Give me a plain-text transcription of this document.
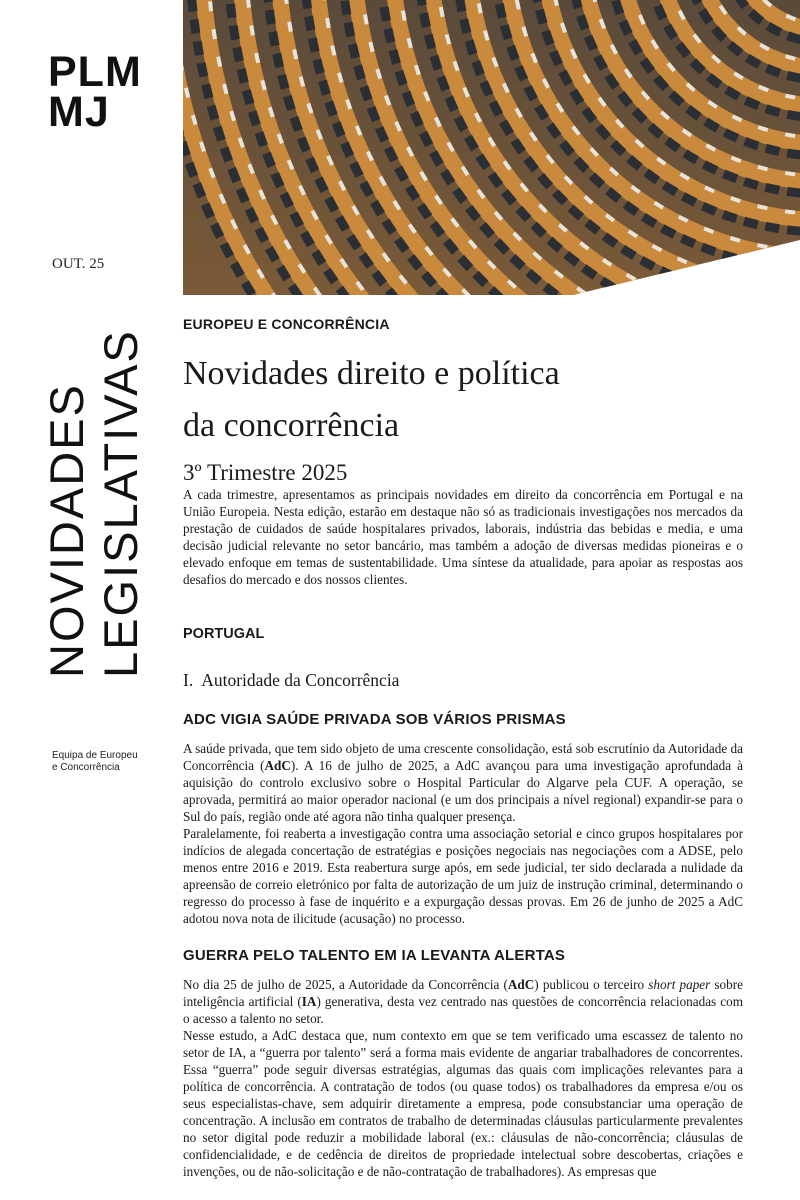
PLM
MJ
OUT. 25
NOVIDADES LEGISLATIVAS
Equipa de Europeu
e Concorrência
EUROPEU E CONCORRÊNCIA
Novidades direito e política
da concorrência
3º Trimestre 2025

A cada trimestre, apresentamos as principais novidades em direito da concorrência em Portugal e na União Europeia. Nesta edição, estarão em destaque não só as tradicionais investigações nos mercados da prestação de cuidados de saúde hospitalares privados, laborais, indústria das bebidas e media, e uma decisão judicial relevante no setor bancário, mas também a adoção de diversas medidas pioneiras e o elevado enfoque em temas de sustentabilidade. Uma síntese da atualidade, para apoiar as respostas aos desafios do mercado e dos nossos clientes.

PORTUGAL
I. Autoridade da Concorrência
ADC VIGIA SAÚDE PRIVADA SOB VÁRIOS PRISMAS

A saúde privada, que tem sido objeto de uma crescente consolidação, está sob escrutínio da Autoridade da Concorrência (AdC). A 16 de julho de 2025, a AdC avançou para uma investigação aprofundada à aquisição do controlo exclusivo sobre o Hospital Particular do Algarve pela CUF. A operação, se aprovada, permitirá ao maior operador nacional (e um dos principais a nível regional) expandir-se para o Sul do país, região onde até agora não tinha qualquer presença.

Paralelamente, foi reaberta a investigação contra uma associação setorial e cinco grupos hospitalares por indícios de alegada concertação de estratégias e posições negociais nas negociações com a ADSE, pelo menos entre 2016 e 2019. Esta reabertura surge após, em sede judicial, ter sido declarada a nulidade da apreensão de correio eletrónico por falta de autorização de um juiz de instrução criminal, determinando o regresso do processo à fase de inquérito e a expurgação dessas provas. Em 26 de junho de 2025 a AdC adotou nova nota de ilicitude (acusação) no processo.

GUERRA PELO TALENTO EM IA LEVANTA ALERTAS

No dia 25 de julho de 2025, a Autoridade da Concorrência (AdC) publicou o terceiro short paper sobre inteligência artificial (IA) generativa, desta vez centrado nas questões de concorrência relacionadas com o acesso a talento no setor.

Nesse estudo, a AdC destaca que, num contexto em que se tem verificado uma escassez de talento no setor de IA, a “guerra por talento” será a forma mais evidente de angariar trabalhadores de concorrentes. Essa “guerra” pode seguir diversas estratégias, algumas das quais com implicações relevantes para a política de concorrência. A contratação de todos (ou quase todos) os trabalhadores da empresa e/ou os seus especialistas-chave, sem adquirir diretamente a empresa, pode consubstanciar uma operação de concentração. A inclusão em contratos de trabalho de determinadas cláusulas particularmente prevalentes no setor digital pode reduzir a mobilidade laboral (ex.: cláusulas de não-concorrência; cláusulas de confidencialidade, e de cedência de direitos de propriedade intelectual sobre descobertas, criações e invenções, ou de não-solicitação e de não-contratação de trabalhadores). As empresas que
